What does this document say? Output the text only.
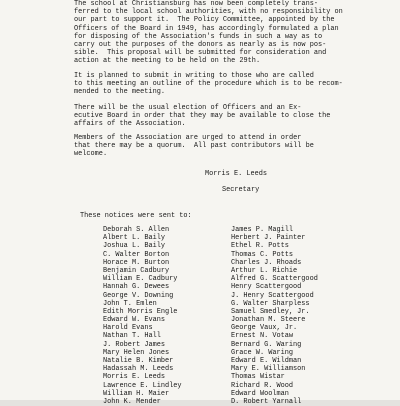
The school at Christiansburg has now been completely trans-
ferred to the local school authorities, with no responsibility on
our part to support it.  The Policy Committee, appointed by the
Officers of the Board in 1949, has accordingly formulated a plan
for disposing of the Association's funds in such a way as to
carry out the purposes of the donors as nearly as is now pos-
sible.  This proposal will be submitted for consideration and
action at the meeting to be held on the 29th.
It is planned to submit in writing to those who are called
to this meeting an outline of the procedure which is to be recom-
mended to the meeting.
There will be the usual election of Officers and an Ex-
ecutive Board in order that they may be available to close the
affairs of the Association.
Members of the Association are urged to attend in order
that there may be a quorum.  All past contributors will be
welcome.
Morris E. Leeds
Secretary
These notices were sent to:
Deborah S. Allen
Albert L. Baily
Joshua L. Baily
C. Walter Borton
Horace M. Burton
Benjamin Cadbury
William E. Cadbury
Hannah G. Dewees
George V. Downing
John T. Emlen
Edith Morris Engle
Edward W. Evans
Harold Evans
Nathan T. Hall
J. Robert James
Mary Helen Jones
Natalie B. Kimber
Hadassah M. Leeds
Morris E. Leeds
Lawrence E. Lindley
William H. Maier
John K. Mender
James P. Magill
Herbert J. Painter
Ethel R. Potts
Thomas C. Potts
Charles J. Rhoads
Arthur L. Richie
Alfred G. Scattergood
Henry Scattergood
J. Henry Scattergood
G. Walter Sharpless
Samuel Smedley, Jr.
Jonathan M. Steere
George Vaux, Jr.
Ernest N. Votaw
Bernard G. Waring
Grace W. Waring
Edward E. Wildman
Mary E. Williamson
Thomas Wistar
Richard R. Wood
Edward Woolman
D. Robert Yarnall
